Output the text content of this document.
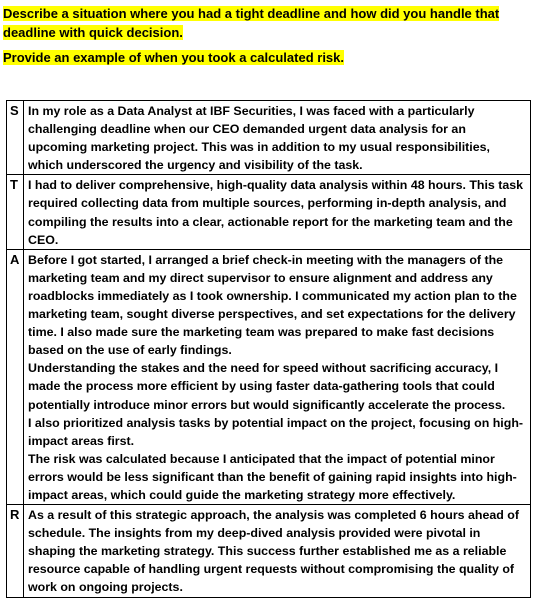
Describe a situation where you had a tight deadline and how did you handle that deadline with quick decision.

Provide an example of when you took a calculated risk.

S	In my role as a Data Analyst at IBF Securities, I was faced with a particularly challenging deadline when our CEO demanded urgent data analysis for an upcoming marketing project. This was in addition to my usual responsibilities, which underscored the urgency and visibility of the task.

T	I had to deliver comprehensive, high-quality data analysis within 48 hours. This task required collecting data from multiple sources, performing in-depth analysis, and compiling the results into a clear, actionable report for the marketing team and the CEO.

A	Before I got started, I arranged a brief check-in meeting with the managers of the marketing team and my direct supervisor to ensure alignment and address any roadblocks immediately as I took ownership. I communicated my action plan to the marketing team, sought diverse perspectives, and set expectations for the delivery time. I also made sure the marketing team was prepared to make fast decisions based on the use of early findings.

Understanding the stakes and the need for speed without sacrificing accuracy, I made the process more efficient by using faster data-gathering tools that could potentially introduce minor errors but would significantly accelerate the process.

I also prioritized analysis tasks by potential impact on the project, focusing on high-impact areas first.

The risk was calculated because I anticipated that the impact of potential minor errors would be less significant than the benefit of gaining rapid insights into high-impact areas, which could guide the marketing strategy more effectively.

R	As a result of this strategic approach, the analysis was completed 6 hours ahead of schedule. The insights from my deep-dived analysis provided were pivotal in shaping the marketing strategy. This success further established me as a reliable resource capable of handling urgent requests without compromising the quality of work on ongoing projects.
